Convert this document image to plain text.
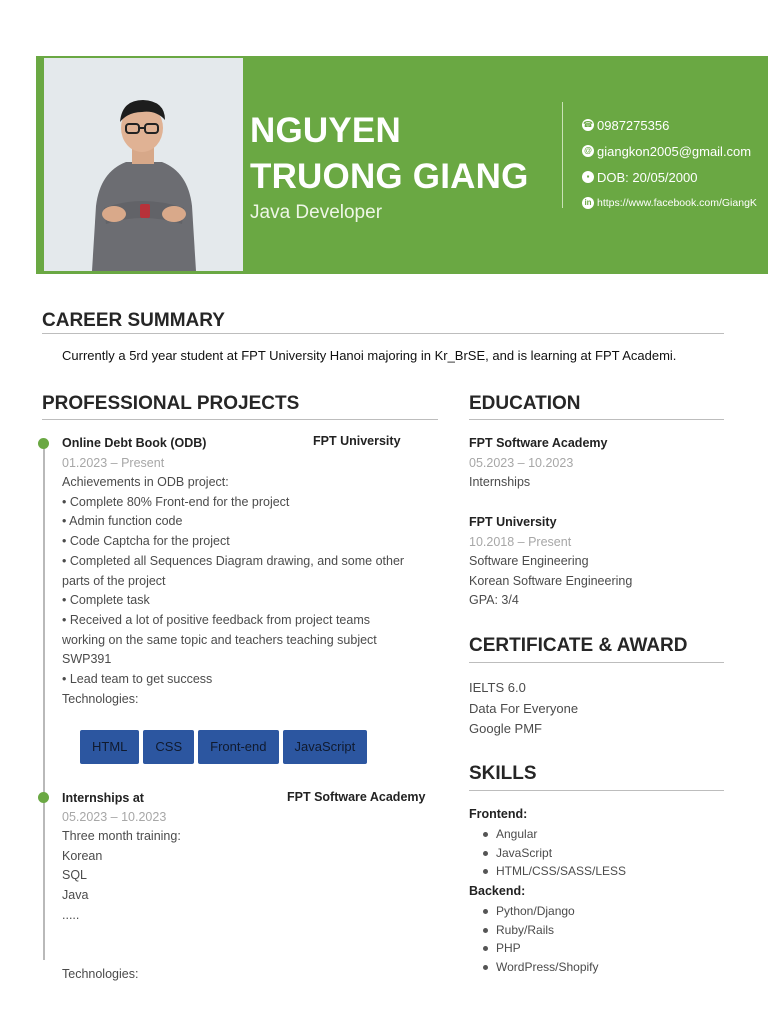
NGUYEN
TRUONG GIANG
Java Developer
☎ 0987275356
@ giangkon2005@gmail.com
▪ DOB: 20/05/2000
in https://www.facebook.com/GiangK
CAREER SUMMARY
Currently a 5rd year student at FPT University Hanoi majoring in Kr_BrSE, and is learning at FPT Academi.
PROFESSIONAL PROJECTS
Online Debt Book (ODB)	FPT University
01.2023 – Present
Achievements in ODB project:
• Complete 80% Front-end for the project
• Admin function code
• Code Captcha for the project
• Completed all Sequences Diagram drawing, and some other
parts of the project
• Complete task
• Received a lot of positive feedback from project teams
working on the same topic and teachers teaching subject
SWP391
• Lead team to get success
Technologies:
HTML	CSS	Front-end	JavaScript
Internships at	FPT Software Academy
05.2023 – 10.2023
Three month training:
Korean
SQL
Java
.....
Technologies:
EDUCATION
FPT Software Academy
05.2023 – 10.2023
Internships
FPT University
10.2018 – Present
Software Engineering
Korean Software Engineering
GPA: 3/4
CERTIFICATE & AWARD
IELTS 6.0
Data For Everyone
Google PMF
SKILLS
Frontend:
Angular
JavaScript
HTML/CSS/SASS/LESS
Backend:
Python/Django
Ruby/Rails
PHP
WordPress/Shopify
